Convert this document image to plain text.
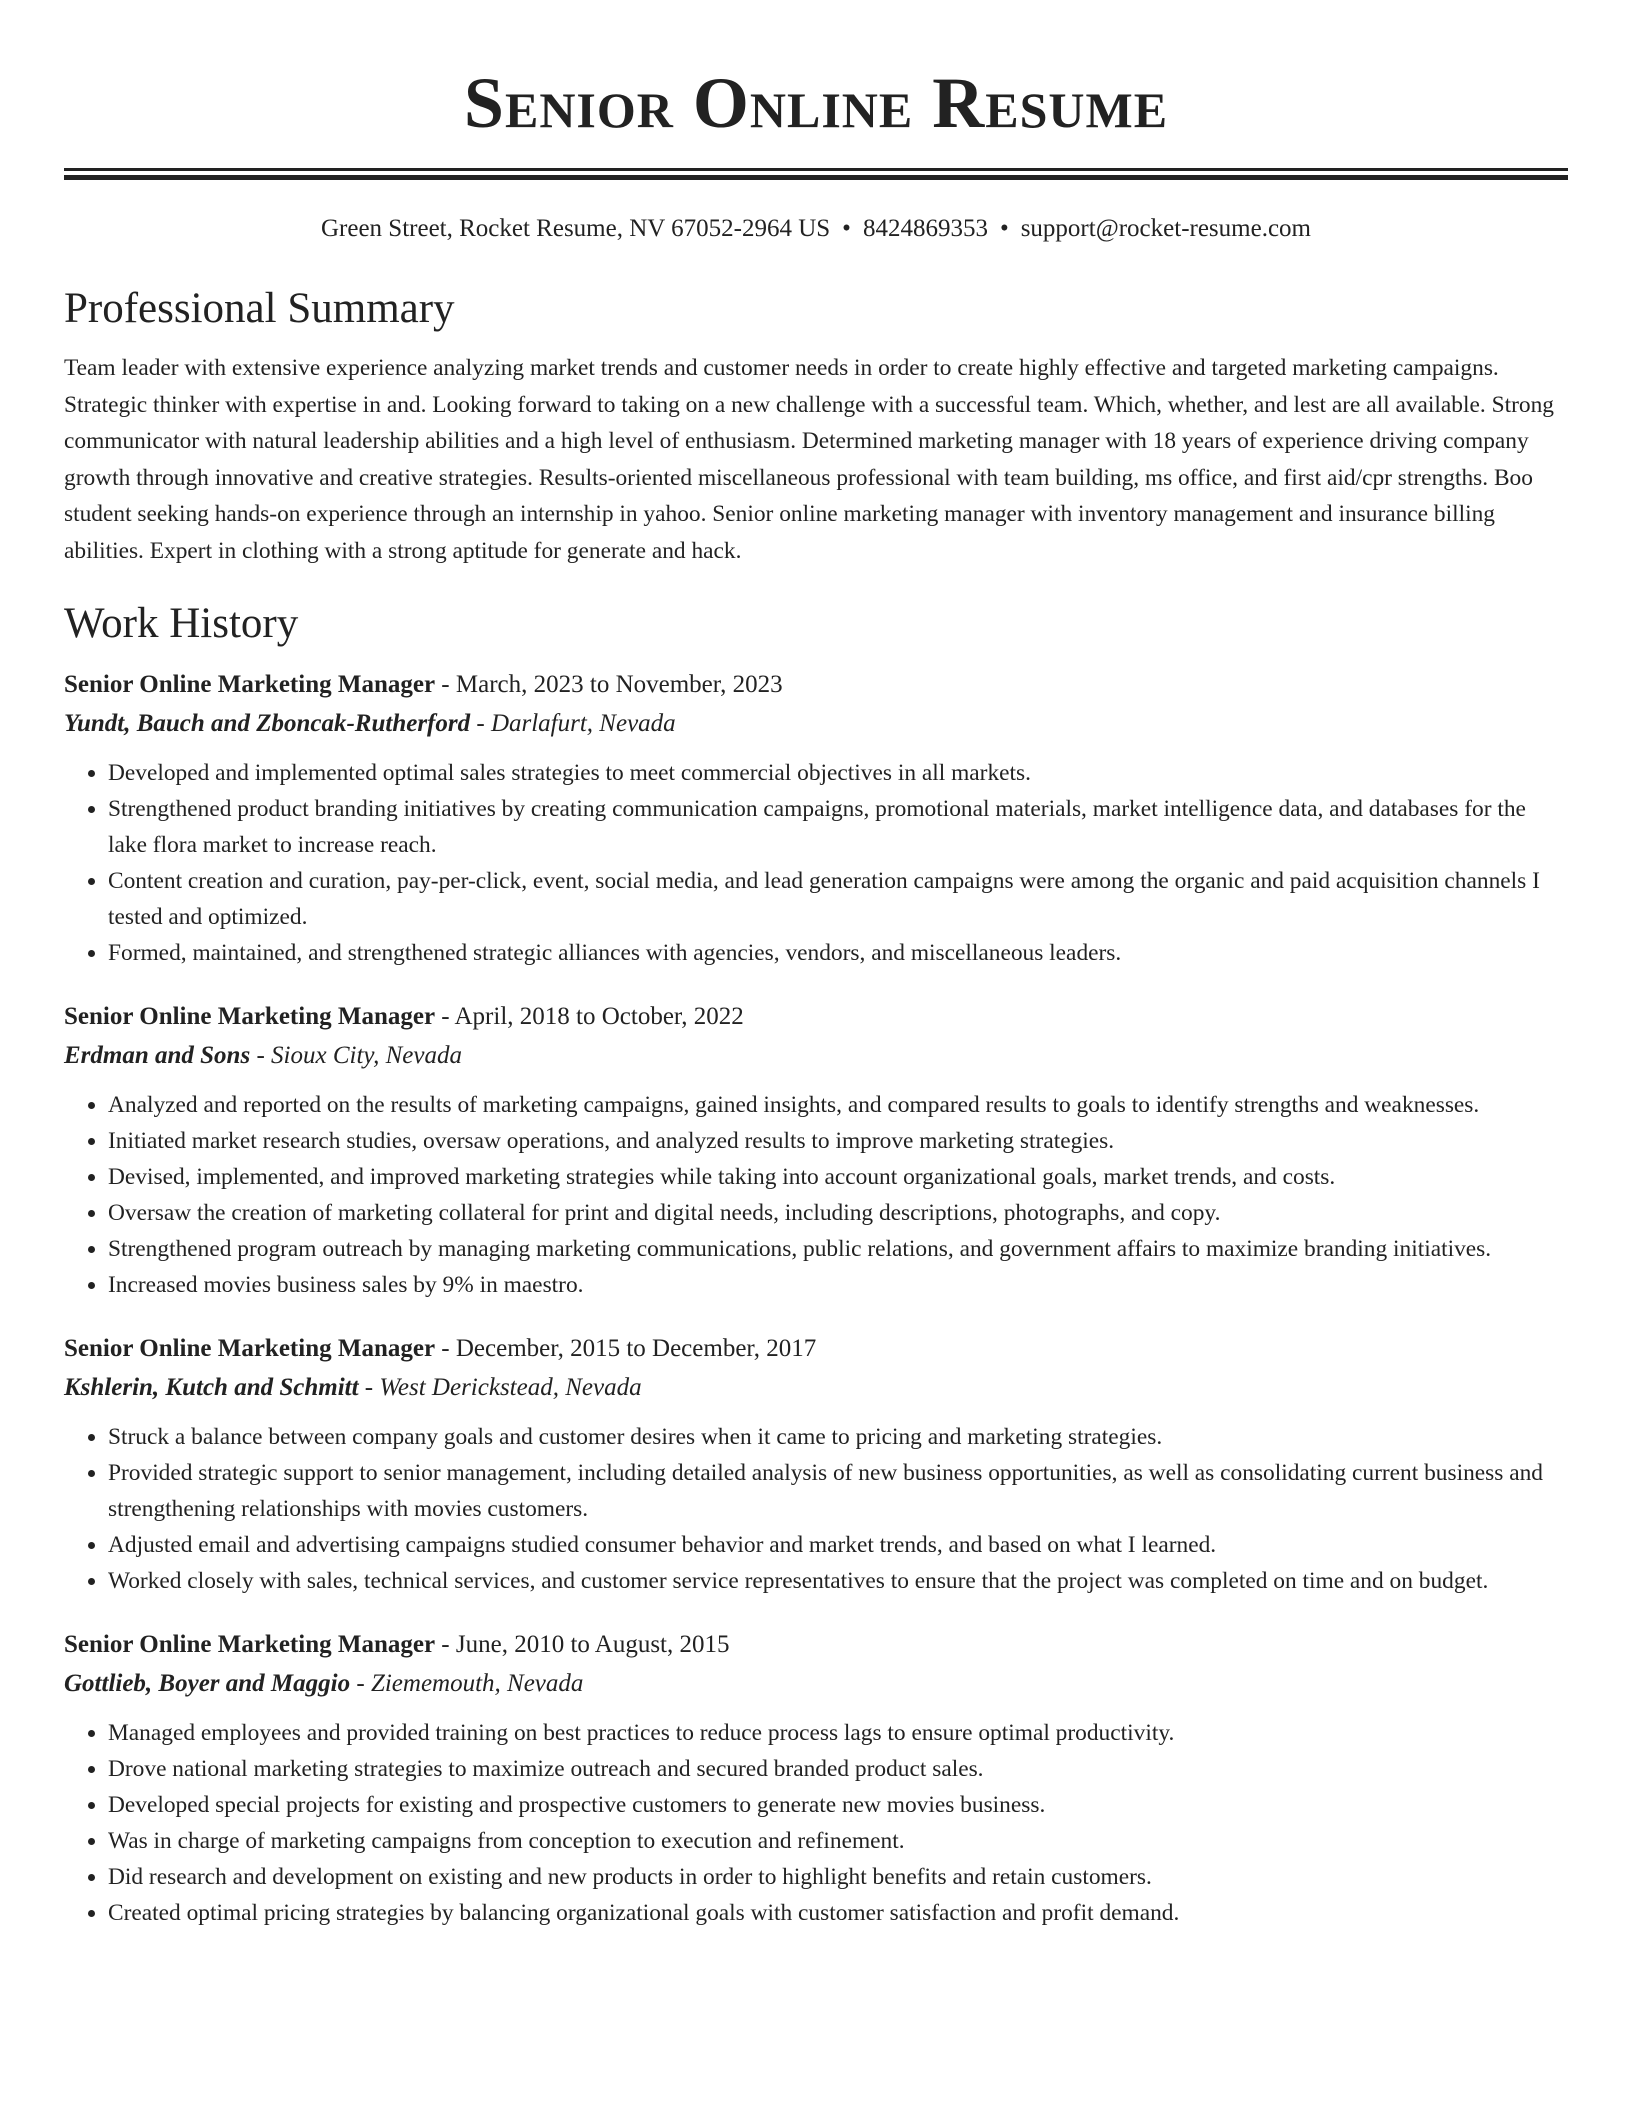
Senior Online Resume
Green Street, Rocket Resume, NV 67052-2964 US • 8424869353 • support@rocket-resume.com
Professional Summary
Team leader with extensive experience analyzing market trends and customer needs in order to create highly effective and targeted marketing campaigns. Strategic thinker with expertise in and. Looking forward to taking on a new challenge with a successful team. Which, whether, and lest are all available. Strong communicator with natural leadership abilities and a high level of enthusiasm. Determined marketing manager with 18 years of experience driving company growth through innovative and creative strategies. Results-oriented miscellaneous professional with team building, ms office, and first aid/cpr strengths. Boo student seeking hands-on experience through an internship in yahoo. Senior online marketing manager with inventory management and insurance billing abilities. Expert in clothing with a strong aptitude for generate and hack.
Work History
Senior Online Marketing Manager - March, 2023 to November, 2023
Yundt, Bauch and Zboncak-Rutherford - Darlafurt, Nevada
• Developed and implemented optimal sales strategies to meet commercial objectives in all markets.
• Strengthened product branding initiatives by creating communication campaigns, promotional materials, market intelligence data, and databases for the lake flora market to increase reach.
• Content creation and curation, pay-per-click, event, social media, and lead generation campaigns were among the organic and paid acquisition channels I tested and optimized.
• Formed, maintained, and strengthened strategic alliances with agencies, vendors, and miscellaneous leaders.
Senior Online Marketing Manager - April, 2018 to October, 2022
Erdman and Sons - Sioux City, Nevada
• Analyzed and reported on the results of marketing campaigns, gained insights, and compared results to goals to identify strengths and weaknesses.
• Initiated market research studies, oversaw operations, and analyzed results to improve marketing strategies.
• Devised, implemented, and improved marketing strategies while taking into account organizational goals, market trends, and costs.
• Oversaw the creation of marketing collateral for print and digital needs, including descriptions, photographs, and copy.
• Strengthened program outreach by managing marketing communications, public relations, and government affairs to maximize branding initiatives.
• Increased movies business sales by 9% in maestro.
Senior Online Marketing Manager - December, 2015 to December, 2017
Kshlerin, Kutch and Schmitt - West Derickstead, Nevada
• Struck a balance between company goals and customer desires when it came to pricing and marketing strategies.
• Provided strategic support to senior management, including detailed analysis of new business opportunities, as well as consolidating current business and strengthening relationships with movies customers.
• Adjusted email and advertising campaigns studied consumer behavior and market trends, and based on what I learned.
• Worked closely with sales, technical services, and customer service representatives to ensure that the project was completed on time and on budget.
Senior Online Marketing Manager - June, 2010 to August, 2015
Gottlieb, Boyer and Maggio - Ziememouth, Nevada
• Managed employees and provided training on best practices to reduce process lags to ensure optimal productivity.
• Drove national marketing strategies to maximize outreach and secured branded product sales.
• Developed special projects for existing and prospective customers to generate new movies business.
• Was in charge of marketing campaigns from conception to execution and refinement.
• Did research and development on existing and new products in order to highlight benefits and retain customers.
• Created optimal pricing strategies by balancing organizational goals with customer satisfaction and profit demand.
